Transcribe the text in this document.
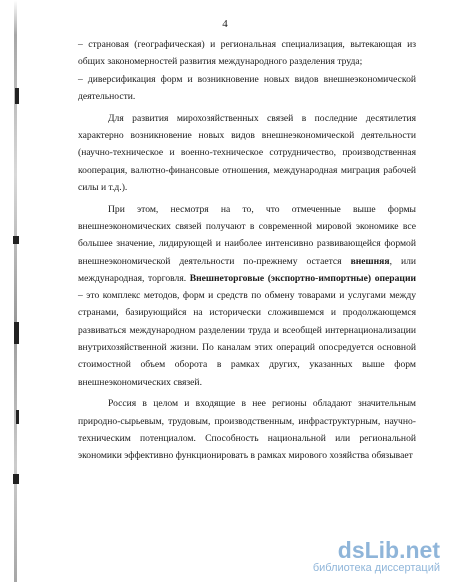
4

– страновая (географическая) и региональная специализация, вытекающая из общих закономерностей развития международного разделения труда;

– диверсификация форм и возникновение новых видов внешнеэкономической деятельности.

Для развития мирохозяйственных связей в последние десятилетия характерно возникновение новых видов внешнеэкономической деятельности (научно-техническое и военно-техническое сотрудничество, производственная кооперация, валютно-финансовые отношения, международная миграция рабочей силы и т.д.).

При этом, несмотря на то, что отмеченные выше формы внешнеэкономических связей получают в современной мировой экономике все большее значение, лидирующей и наиболее интенсивно развивающейся формой внешнеэкономической деятельности по-прежнему остается внешняя, или международная, торговля. Внешнеторговые (экспортно-импортные) операции – это комплекс методов, форм и средств по обмену товарами и услугами между странами, базирующийся на исторически сложившемся и продолжающемся развиваться международном разделении труда и всеобщей интернационализации внутрихозяйственной жизни. По каналам этих операций опосредуется основной стоимостной объем оборота в рамках других, указанных выше форм внешнеэкономических связей.

Россия в целом и входящие в нее регионы обладают значительным природно-сырьевым, трудовым, производственным, инфраструктурным, научно-техническим потенциалом. Способность национальной или региональной экономики эффективно функционировать в рамках мирового хозяйства обязывает

dsLib.net
библиотека диссертаций
